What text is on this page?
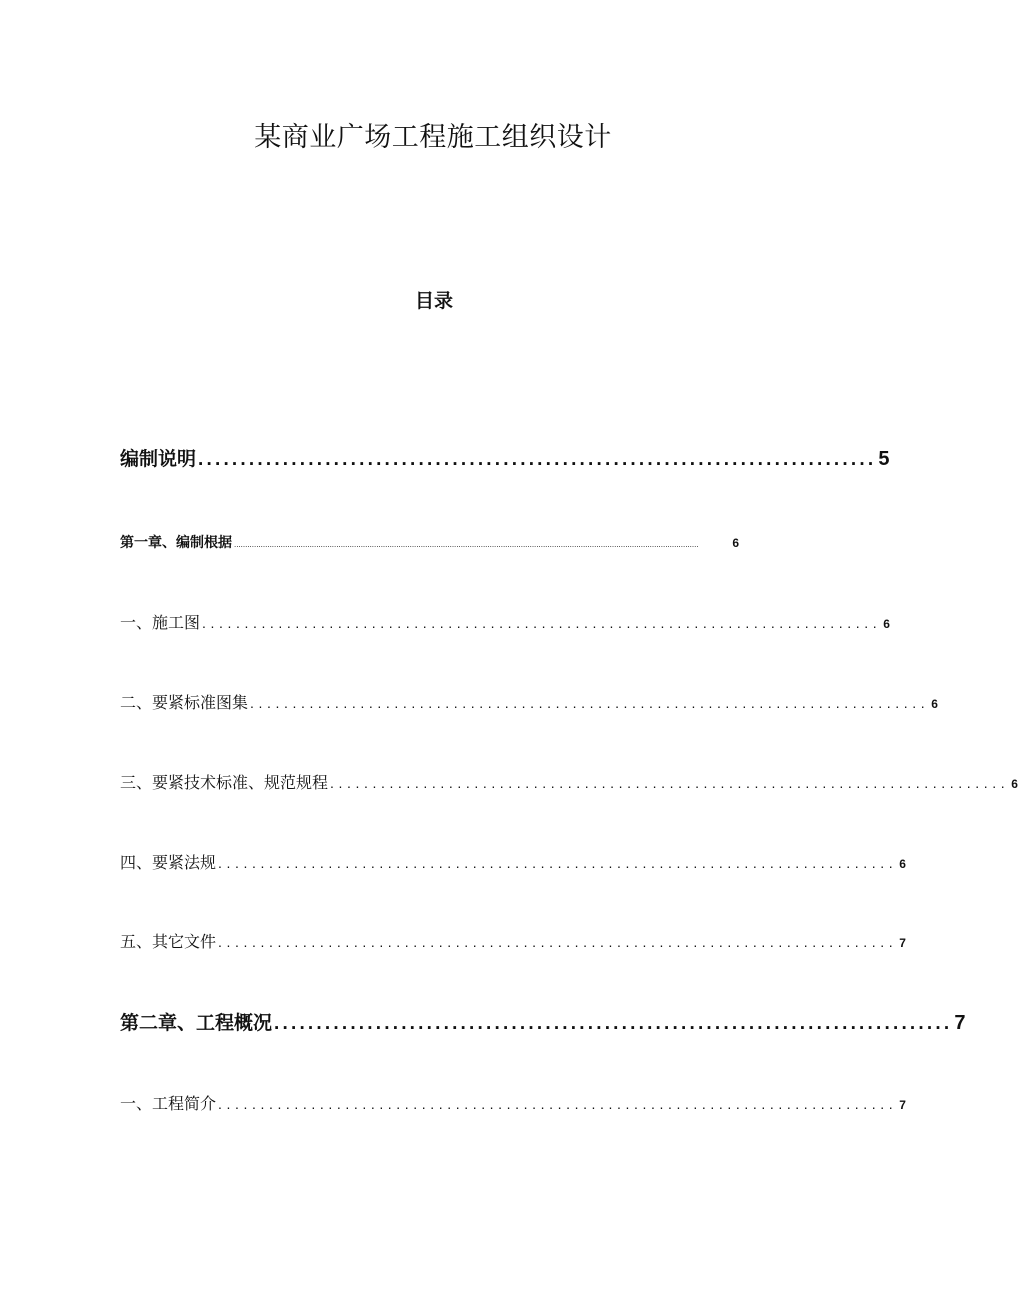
某商业广场工程施工组织设计
目录
编制说明 ................................................................................ 5
第一章、编制根据 .................................................................................................................................................................................................................	6
一、施工图 ................................................................................ 6
二、要紧标准图集 ................................................................................ 6
三、要紧技术标准、规范规程 ................................................................................ 6
四、要紧法规 ................................................................................ 6
五、其它文件 ................................................................................ 7
第二章、工程概况 ................................................................................ 7
一、工程简介 ................................................................................ 7
